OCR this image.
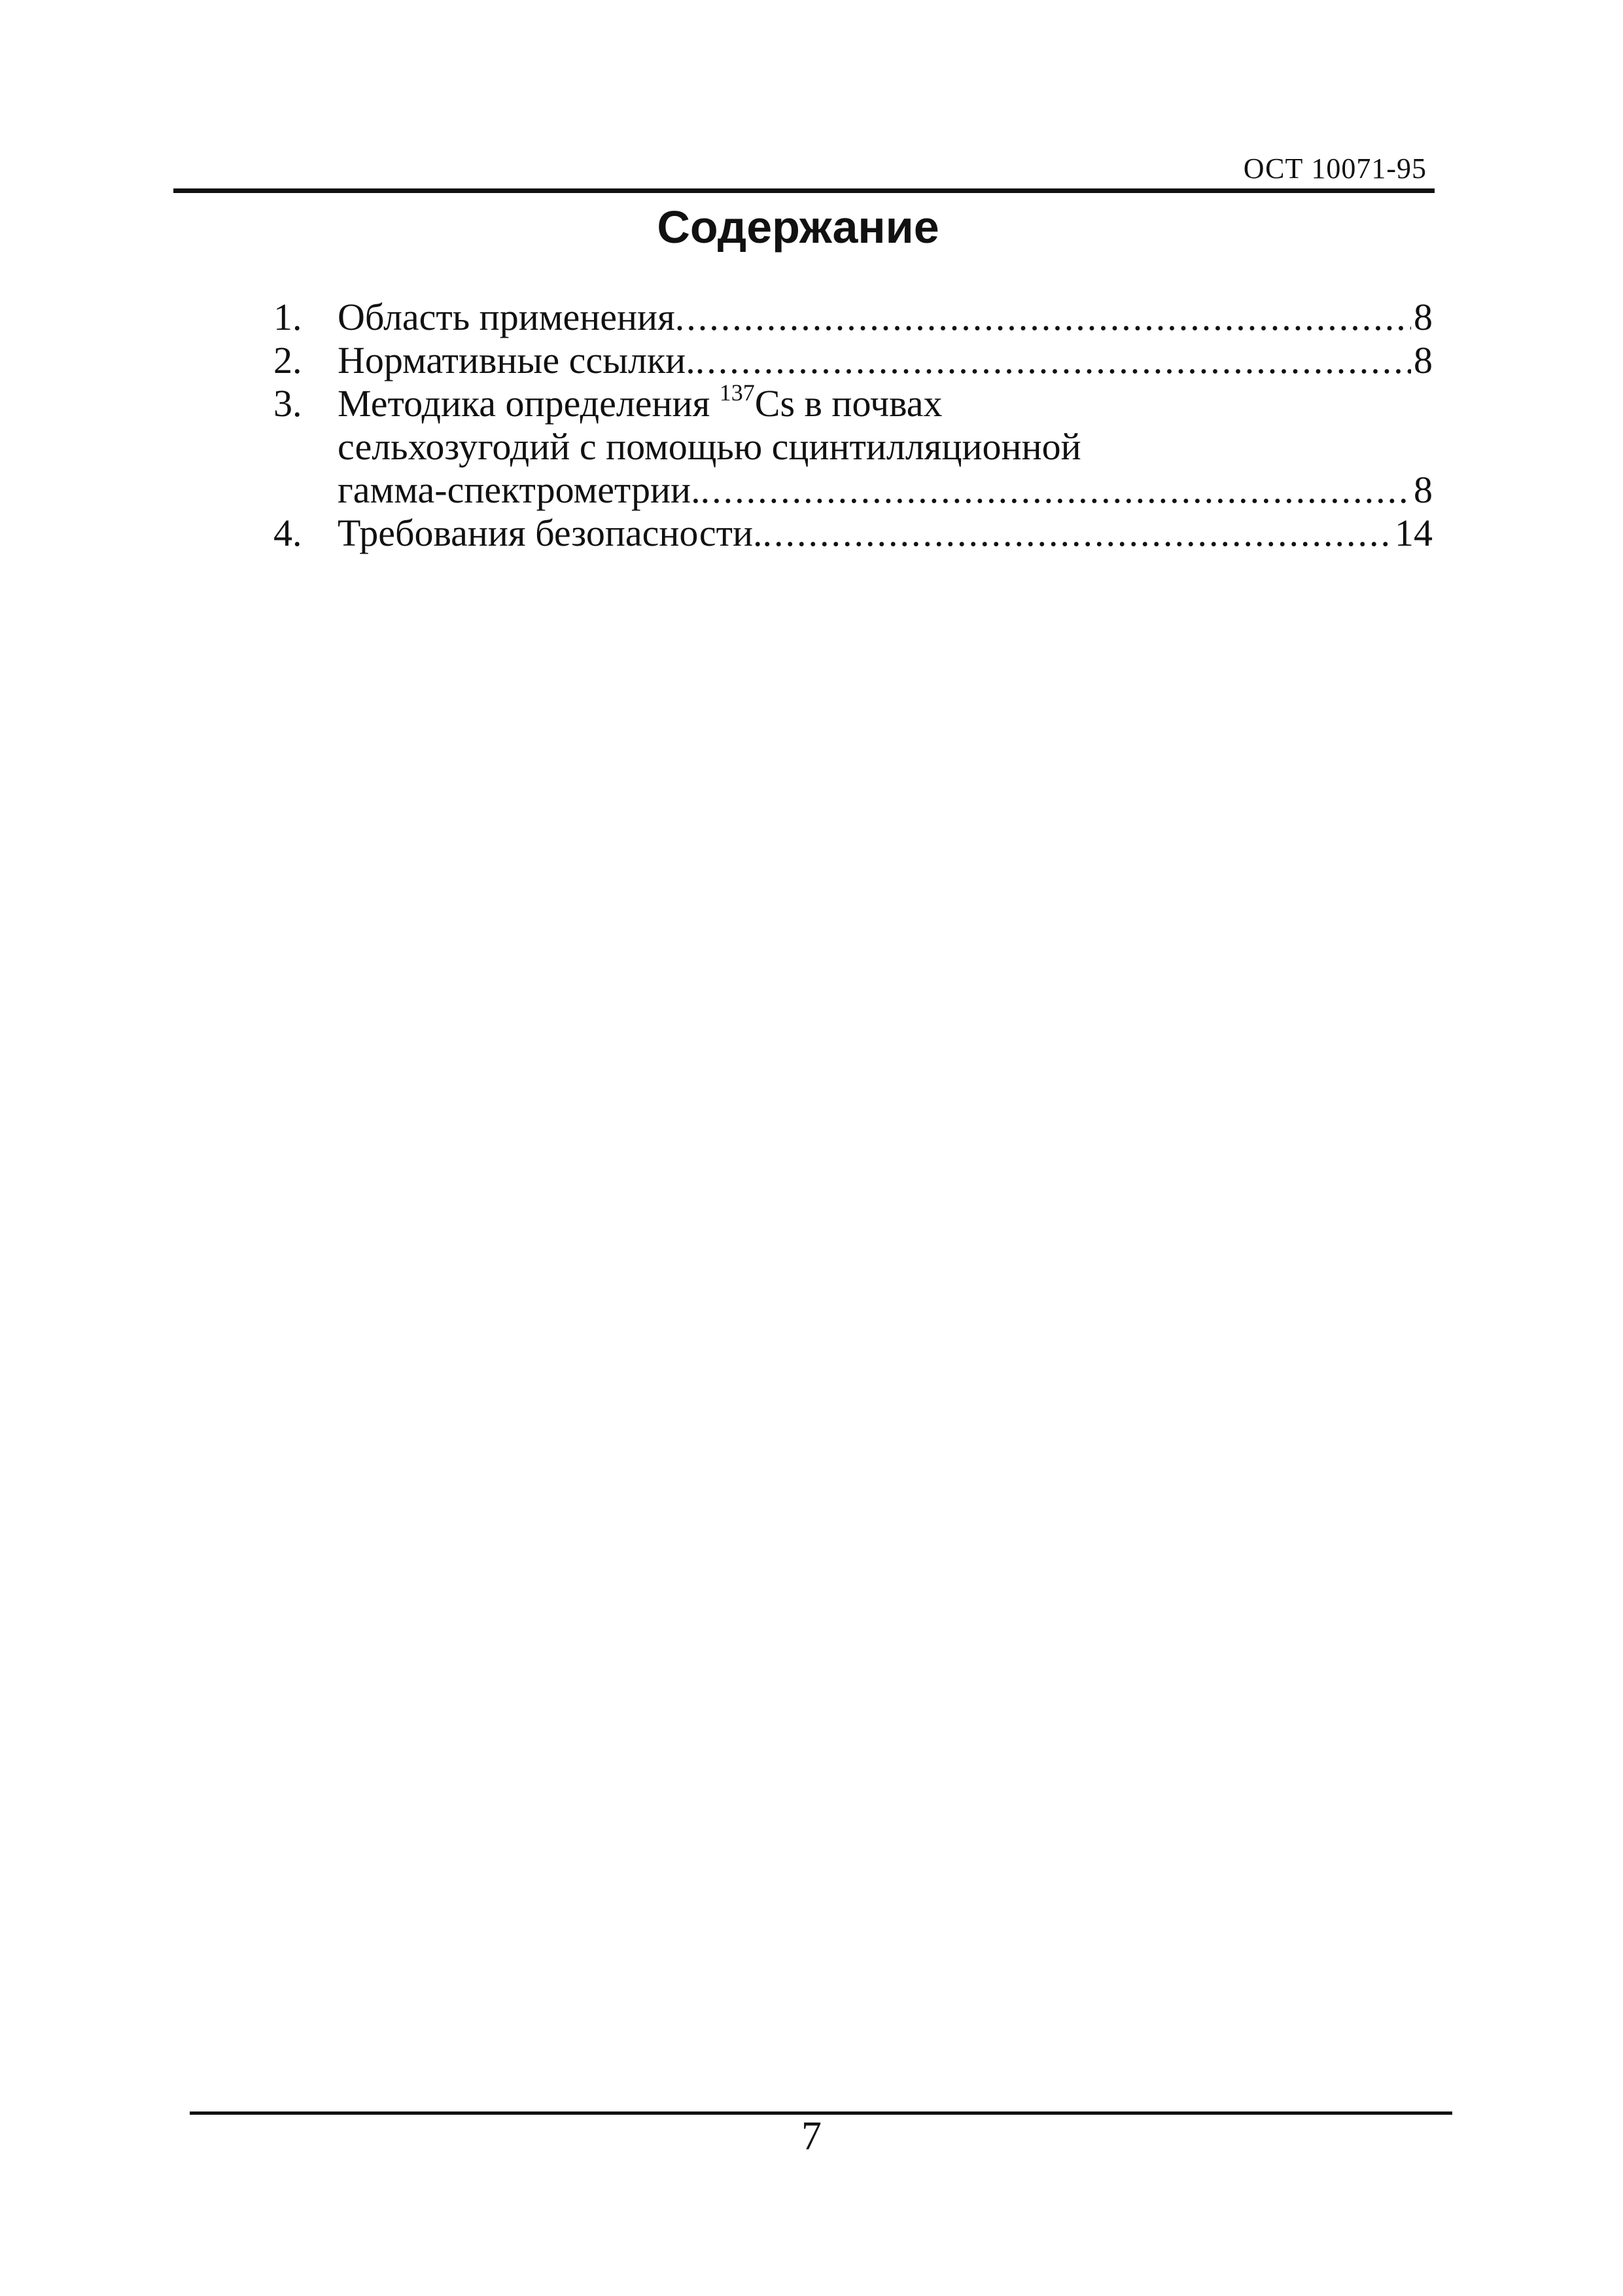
ОСТ 10071-95
Содержание
1. Область применения .....	8
2. Нормативные ссылки. .....	8
3. Методика определения $^{137}$Cs в почвах
сельхозугодий с помощью сцинтилляционной
гамма-спектрометрии. .....	8
4. Требования безопасности. .....	14
7
